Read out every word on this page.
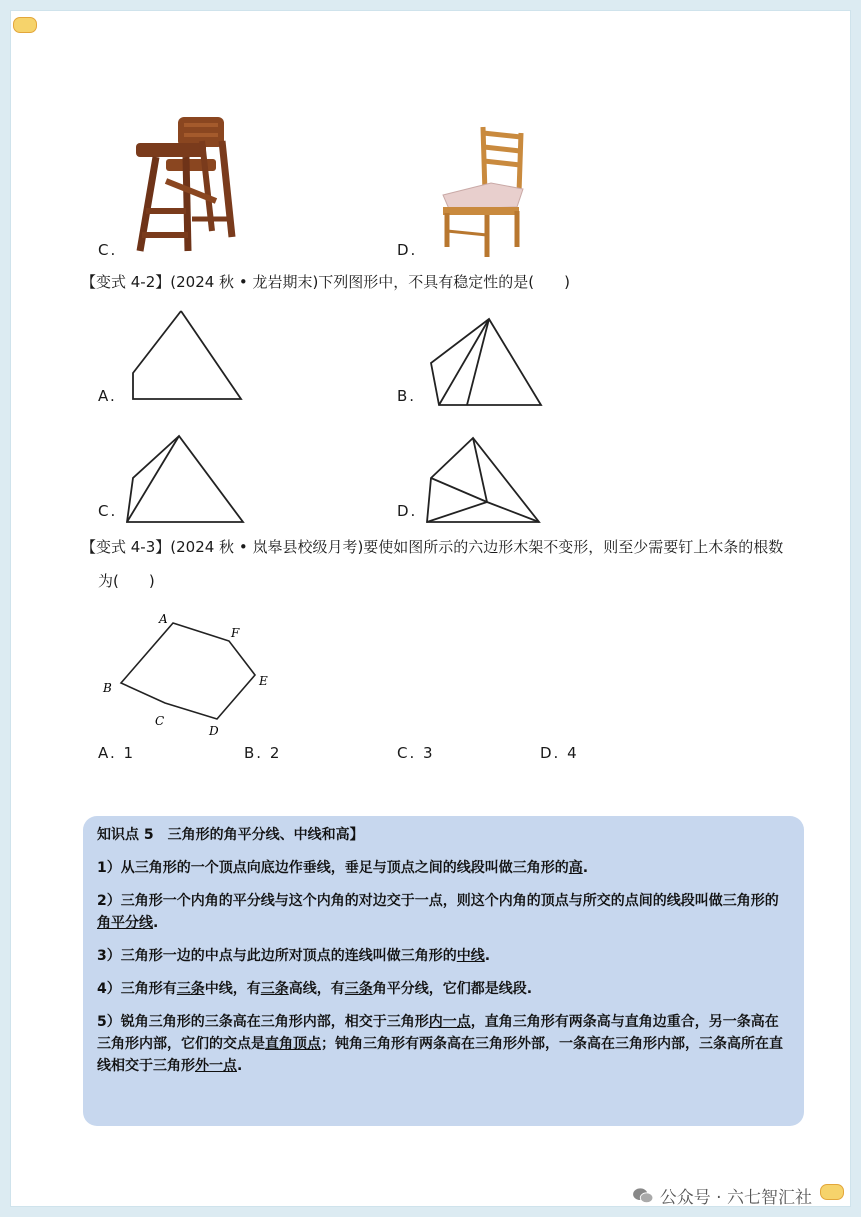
C.	D.
【变式 4-2】(2024 秋 • 龙岩期末)下列图形中，不具有稳定性的是(　　)
A.	B.
C.	D.
【变式 4-3】(2024 秋 • 岚皋县校级月考)要使如图所示的六边形木架不变形，则至少需要钉上木条的根数
为(　　)
A
F
E
D
C
B
A. 1	B. 2	C. 3	D. 4

知识点 5　三角形的角平分线、中线和高】

1）从三角形的一个顶点向底边作垂线，垂足与顶点之间的线段叫做三角形的高.

2）三角形一个内角的平分线与这个内角的对边交于一点，则这个内角的顶点与所交的点间的线段叫做三角形的角平分线.

3）三角形一边的中点与此边所对顶点的连线叫做三角形的中线.

4）三角形有三条中线，有三条高线，有三条角平分线，它们都是线段.

5）锐角三角形的三条高在三角形内部，相交于三角形内一点，直角三角形有两条高与直角边重合，另一条高在三角形内部，它们的交点是直角顶点；钝角三角形有两条高在三角形外部，一条高在三角形内部，三条高所在直线相交于三角形外一点.

公众号 · 六七智汇社
